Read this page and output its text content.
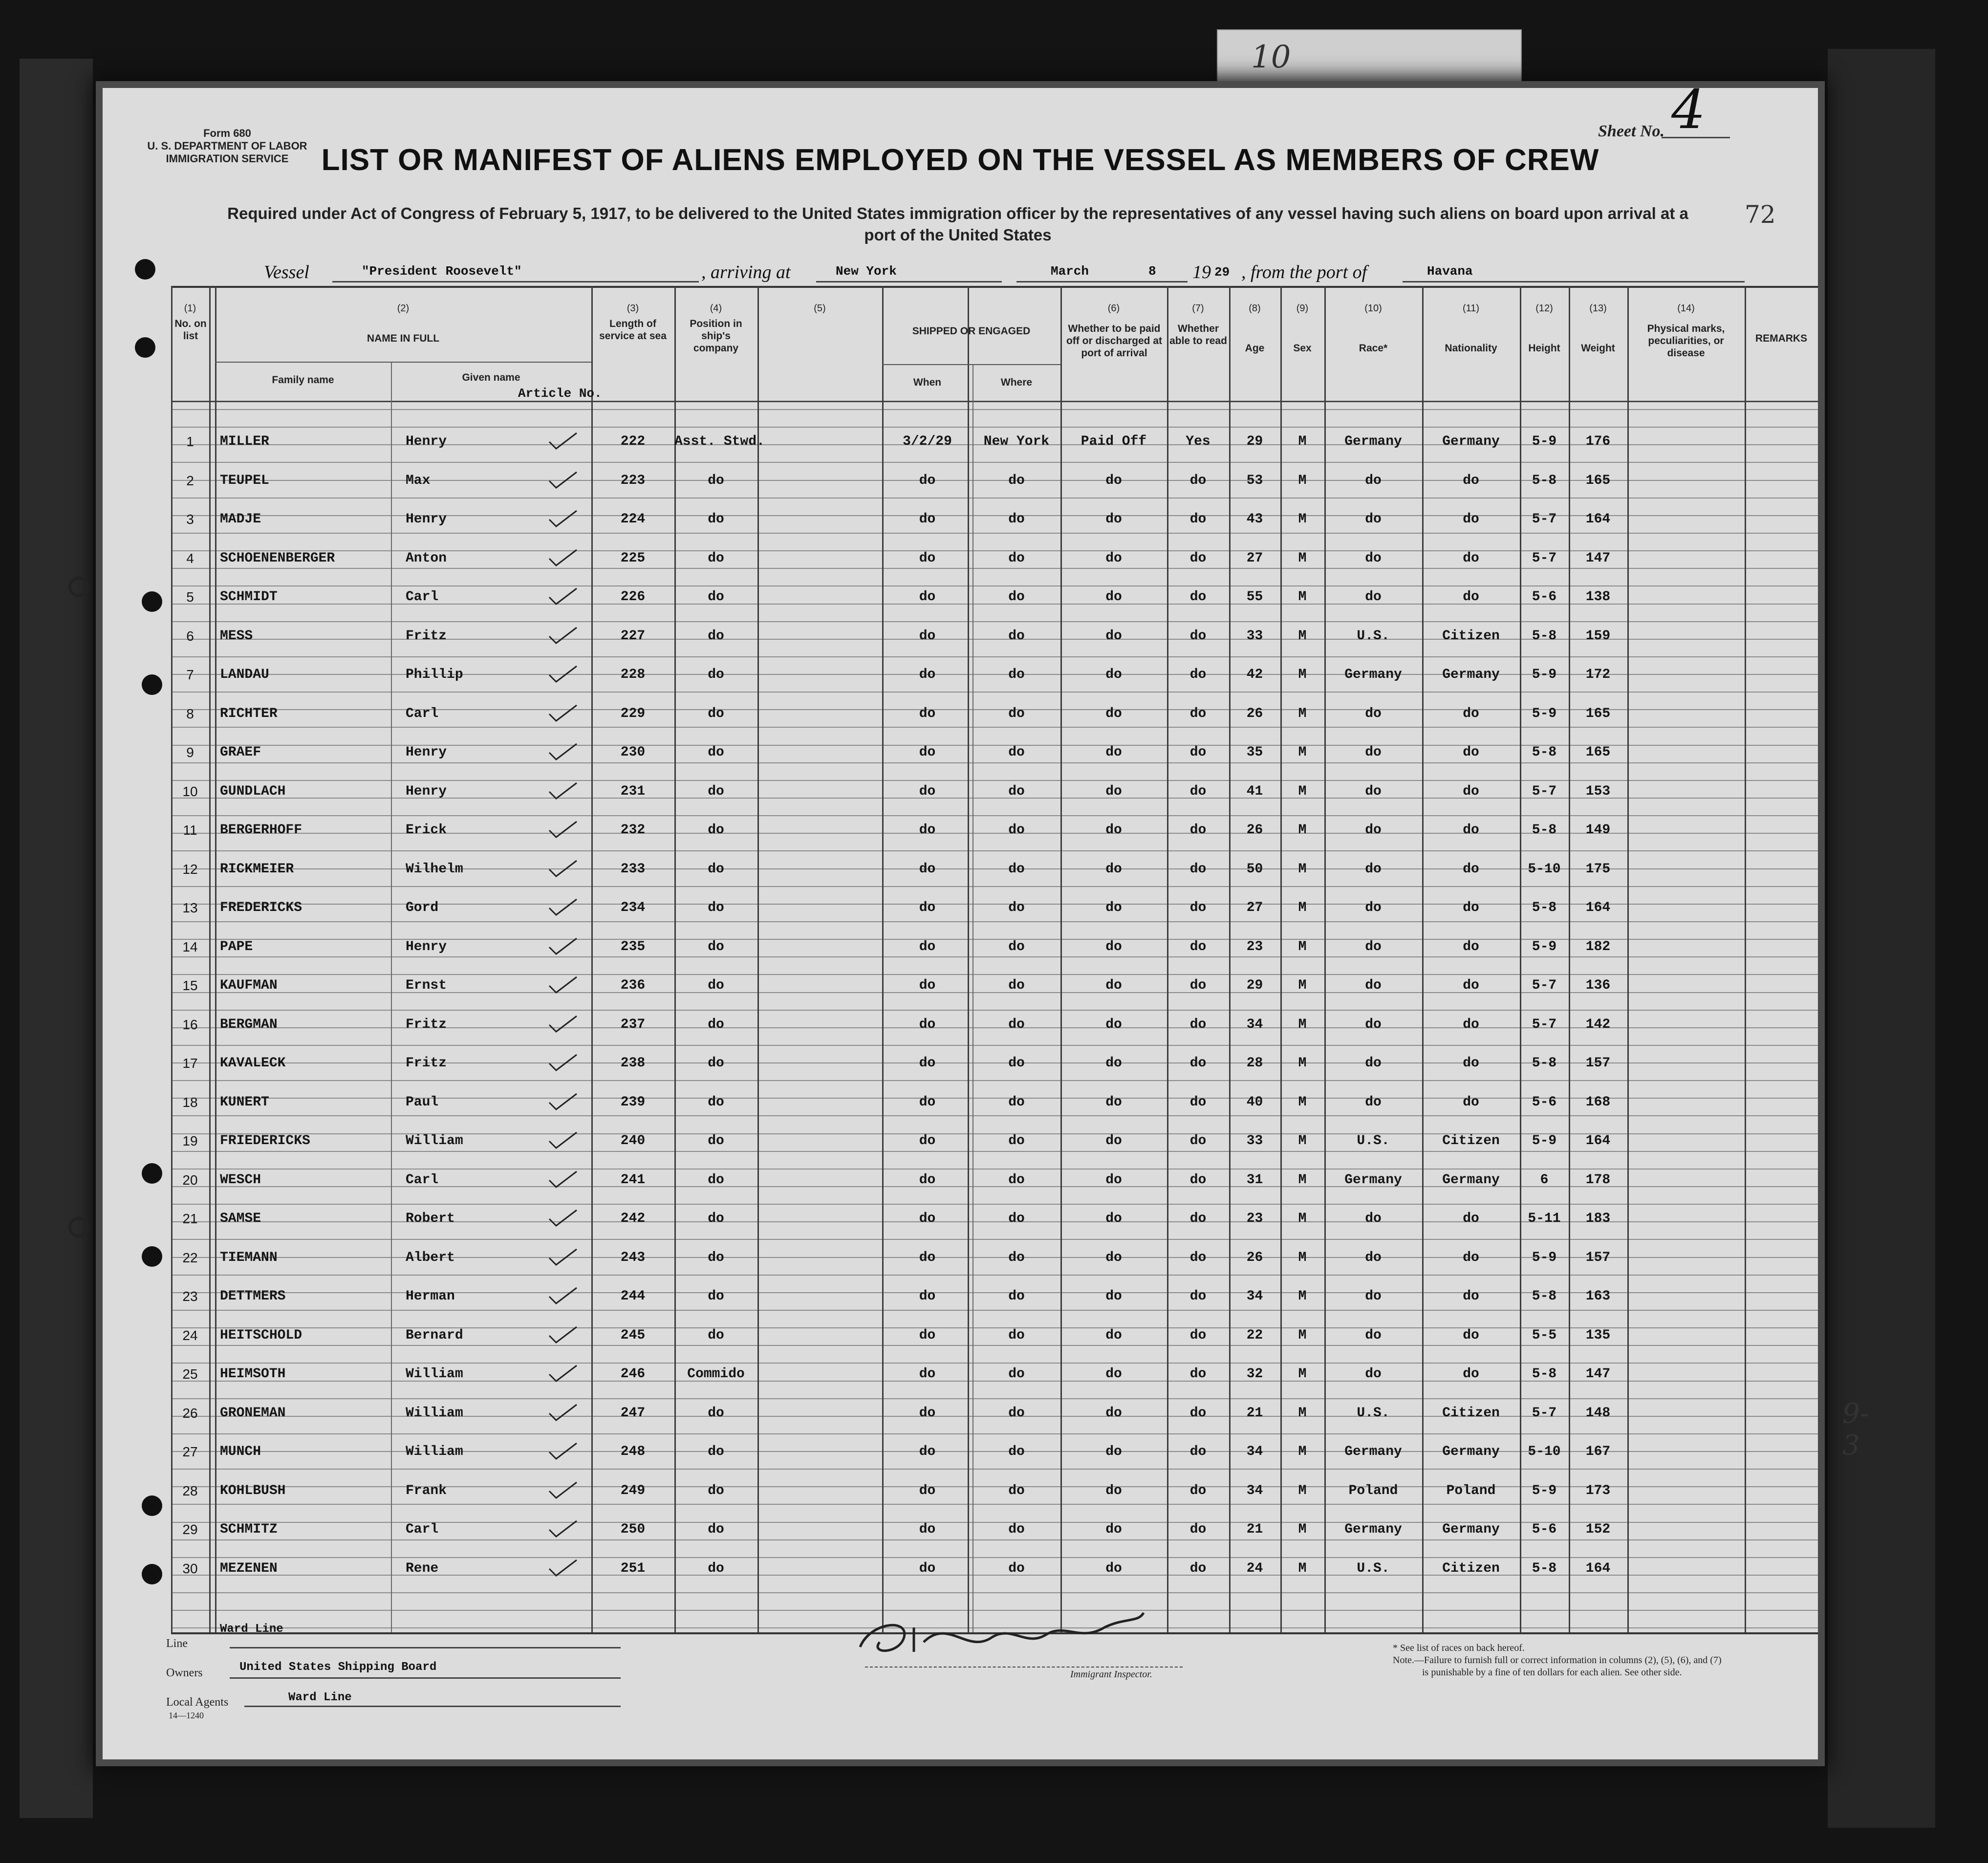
10
Form 680
U. S. DEPARTMENT OF LABOR
IMMIGRATION SERVICE
Sheet No. 4
LIST OR MANIFEST OF ALIENS EMPLOYED ON THE VESSEL AS MEMBERS OF CREW
Required under Act of Congress of February 5, 1917, to be delivered to the United States immigration officer by the representatives of any vessel having such aliens on board upon arrival at a
port of the United States
72
Vessel	"President Roosevelt"	, arriving at	New York	March	8 19 29 , from the port of	Havana
(1)
No. on list
(2)
NAME IN FULL
Family name	Given name
(3)
Length of service at sea
(4)
Position in ship's company
(5)
SHIPPED OR ENGAGED
When	Where
(6)
Whether to be paid off or discharged at port of arrival
(7)
Whether able to read
(8)
Age
(9)
Sex
(10)
Race*
(11)
Nationality
(12)
Height
(13)
Weight
(14)
Physical marks, peculiarities, or disease
REMARKS
Article No.
1	MILLER	Henry	222	Asst. Stwd.	3/2/29	New York	Paid Off	Yes	29	M	Germany	Germany	5-9	176
2	TEUPEL	Max	223	do	do	do	do	do	53	M	do	do	5-8	165
3	MADJE	Henry	224	do	do	do	do	do	43	M	do	do	5-7	164
4	SCHOENENBERGER	Anton	225	do	do	do	do	do	27	M	do	do	5-7	147
5	SCHMIDT	Carl	226	do	do	do	do	do	55	M	do	do	5-6	138
6	MESS	Fritz	227	do	do	do	do	do	33	M	U.S.	Citizen	5-8	159
7	LANDAU	Phillip	228	do	do	do	do	do	42	M	Germany	Germany	5-9	172
8	RICHTER	Carl	229	do	do	do	do	do	26	M	do	do	5-9	165
9	GRAEF	Henry	230	do	do	do	do	do	35	M	do	do	5-8	165
10	GUNDLACH	Henry	231	do	do	do	do	do	41	M	do	do	5-7	153
11	BERGERHOFF	Erick	232	do	do	do	do	do	26	M	do	do	5-8	149
12	RICKMEIER	Wilhelm	233	do	do	do	do	do	50	M	do	do	5-10	175
13	FREDERICKS	Gord	234	do	do	do	do	do	27	M	do	do	5-8	164
14	PAPE	Henry	235	do	do	do	do	do	23	M	do	do	5-9	182
15	KAUFMAN	Ernst	236	do	do	do	do	do	29	M	do	do	5-7	136
16	BERGMAN	Fritz	237	do	do	do	do	do	34	M	do	do	5-7	142
17	KAVALECK	Fritz	238	do	do	do	do	do	28	M	do	do	5-8	157
18	KUNERT	Paul	239	do	do	do	do	do	40	M	do	do	5-6	168
19	FRIEDERICKS	William	240	do	do	do	do	do	33	M	U.S.	Citizen	5-9	164
20	WESCH	Carl	241	do	do	do	do	do	31	M	Germany	Germany	6	178
21	SAMSE	Robert	242	do	do	do	do	do	23	M	do	do	5-11	183
22	TIEMANN	Albert	243	do	do	do	do	do	26	M	do	do	5-9	157
23	DETTMERS	Herman	244	do	do	do	do	do	34	M	do	do	5-8	163
24	HEITSCHOLD	Bernard	245	do	do	do	do	do	22	M	do	do	5-5	135
25	HEIMSOTH	William	246	Commido	do	do	do	do	32	M	do	do	5-8	147
26	GRONEMAN	William	247	do	do	do	do	do	21	M	U.S.	Citizen	5-7	148
27	MUNCH	William	248	do	do	do	do	do	34	M	Germany	Germany	5-10	167
28	KOHLBUSH	Frank	249	do	do	do	do	do	34	M	Poland	Poland	5-9	173
29	SCHMITZ	Carl	250	do	do	do	do	do	21	M	Germany	Germany	5-6	152
30	MEZENEN	Rene	251	do	do	do	do	do	24	M	U.S.	Citizen	5-8	164
Line
Ward Line
Owners	United States Shipping Board
Local Agents	Ward Line
14—1240
Immigrant Inspector.
* See list of races on back hereof.
Note.—Failure to furnish full or correct information in columns (2), (5), (6), and (7)
is punishable by a fine of ten dollars for each alien. See other side.
9-3
